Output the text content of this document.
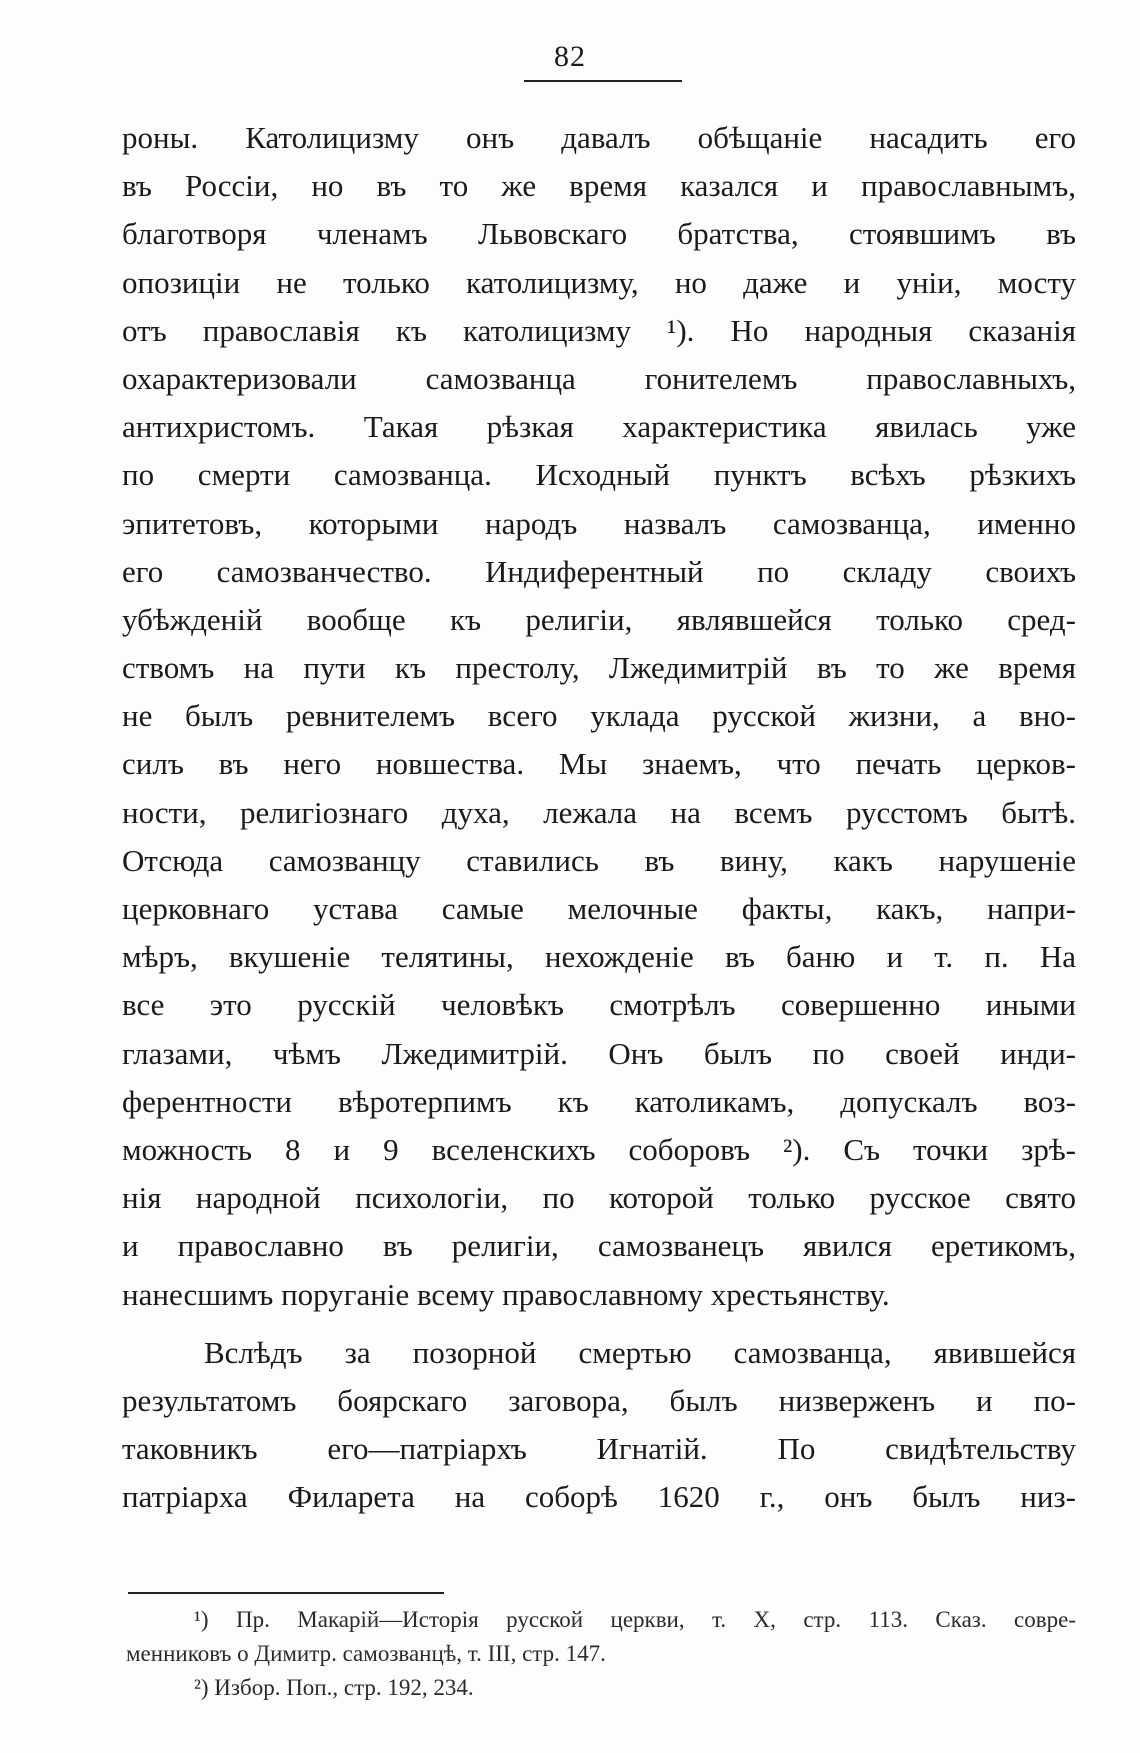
82
роны. Католицизму онъ давалъ обѣщаніе насадить его
въ Россіи, но въ то же время казался и православнымъ,
благотворя членамъ Львовскаго братства, стоявшимъ въ
опозиціи не только католицизму, но даже и уніи, мосту
отъ православія къ католицизму ¹). Но народныя сказанія
охарактеризовали самозванца гонителемъ православныхъ,
антихристомъ. Такая рѣзкая характеристика явилась уже
по смерти самозванца. Исходный пунктъ всѣхъ рѣзкихъ
эпитетовъ, которыми народъ назвалъ самозванца, именно
его самозванчество. Индиферентный по складу своихъ
убѣжденій вообще къ религіи, являвшейся только сред-
ствомъ на пути къ престолу, Лжедимитрій въ то же время
не былъ ревнителемъ всего уклада русской жизни, а вно-
силъ въ него новшества. Мы знаемъ, что печать церков-
ности, религіознаго духа, лежала на всемъ русстомъ бытѣ.
Отсюда самозванцу ставились въ вину, какъ нарушеніе
церковнаго устава самые мелочные факты, какъ, напри-
мѣръ, вкушеніе телятины, нехожденіе въ баню и т. п. На
все это русскій человѣкъ смотрѣлъ совершенно иными
глазами, чѣмъ Лжедимитрій. Онъ былъ по своей инди-
ферентности вѣротерпимъ къ католикамъ, допускалъ воз-
можность 8 и 9 вселенскихъ соборовъ ²). Съ точки зрѣ-
нія народной психологіи, по которой только русское свято
и православно въ религіи, самозванецъ явился еретикомъ,
нанесшимъ поруганіе всему православному хрестьянству.
Вслѣдъ за позорной смертью самозванца, явившейся
результатомъ боярскаго заговора, былъ низверженъ и по-
таковникъ его—патріархъ Игнатій. По свидѣтельству
патріарха Филарета на соборѣ 1620 г., онъ былъ низ-
¹) Пр. Макарій—Исторія русской церкви, т. X, стр. 113. Сказ. совре-
менниковъ о Димитр. самозванцѣ, т. III, стр. 147.
²) Избор. Поп., стр. 192, 234.
